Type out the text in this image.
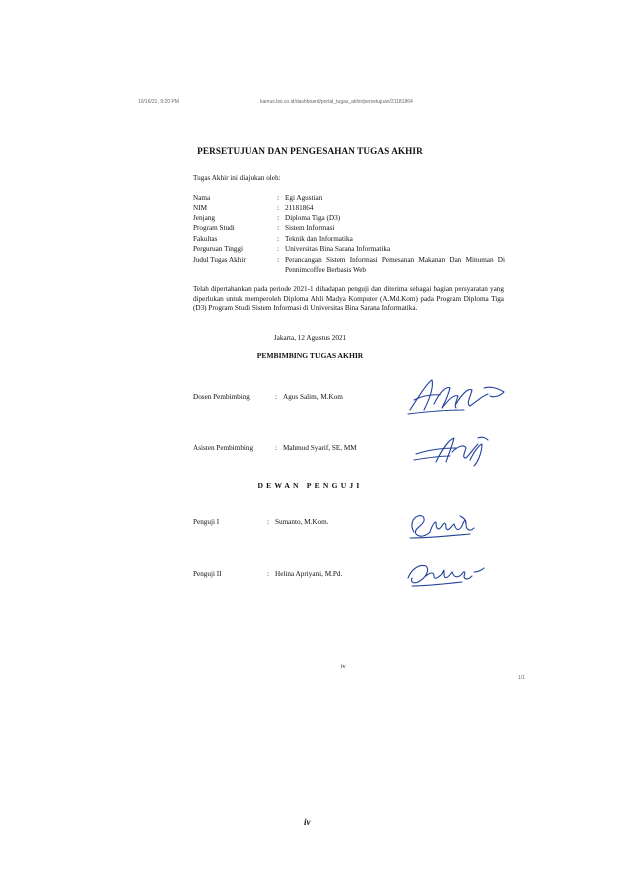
10/16/21, 9:20 PM	kamus.bsi.co.id/dashboard/portal_tugas_akhir/persetujuan/21181864
PERSETUJUAN DAN PENGESAHAN TUGAS AKHIR
Tugas Akhir ini diajukan oleh:
Nama	: Egi Agustian
NIM	: 21181864
Jenjang	: Diploma Tiga (D3)
Program Studi	: Sistem Informasi
Fakultas	: Teknik dan Informatika
Perguruan Tinggi	: Universitas Bina Sarana Informatika
Judul Tugas Akhir	: Perancangan Sistem Informasi Pemesanan Makanan Dan Minuman Di Pennimcoffee Berbasis Web
Telah dipertahankan pada periode 2021-1 dihadapan penguji dan diterima sebagai bagian persyaratan yang diperlukan untuk memperoleh Diploma Ahli Madya Komputer (A.Md.Kom) pada Program Diploma Tiga (D3) Program Studi Sistem Informasi di Universitas Bina Sarana Informatika.
Jakarta, 12 Agustus 2021
PEMBIMBING TUGAS AKHIR
Dosen Pembimbing	: Agus Salim, M.Kom
Asisten Pembimbing	: Mahmud Syarif, SE, MM
DEWAN PENGUJI
Penguji I	: Sumanto, M.Kom.
Penguji II	: Helina Apriyani, M.Pd.
iv
1/1
iv
